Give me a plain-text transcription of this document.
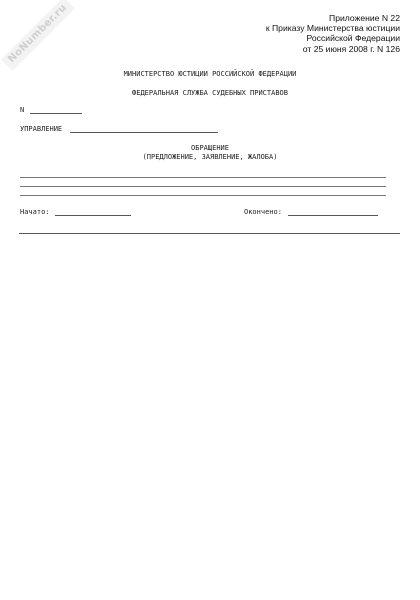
NoNumber.ru	Приложение N 22
к Приказу Министерства юстиции
Российской Федерации
от 25 июня 2008 г. N 126
МИНИСТЕРСТВО ЮСТИЦИИ РОССИЙСКОЙ ФЕДЕРАЦИИ
ФЕДЕРАЛЬНАЯ СЛУЖБА СУДЕБНЫХ ПРИСТАВОВ
N
УПРАВЛЕНИЕ
ОБРАЩЕНИЕ
(ПРЕДЛОЖЕНИЕ, ЗАЯВЛЕНИЕ, ЖАЛОБА)
Начато:	Окончено:
